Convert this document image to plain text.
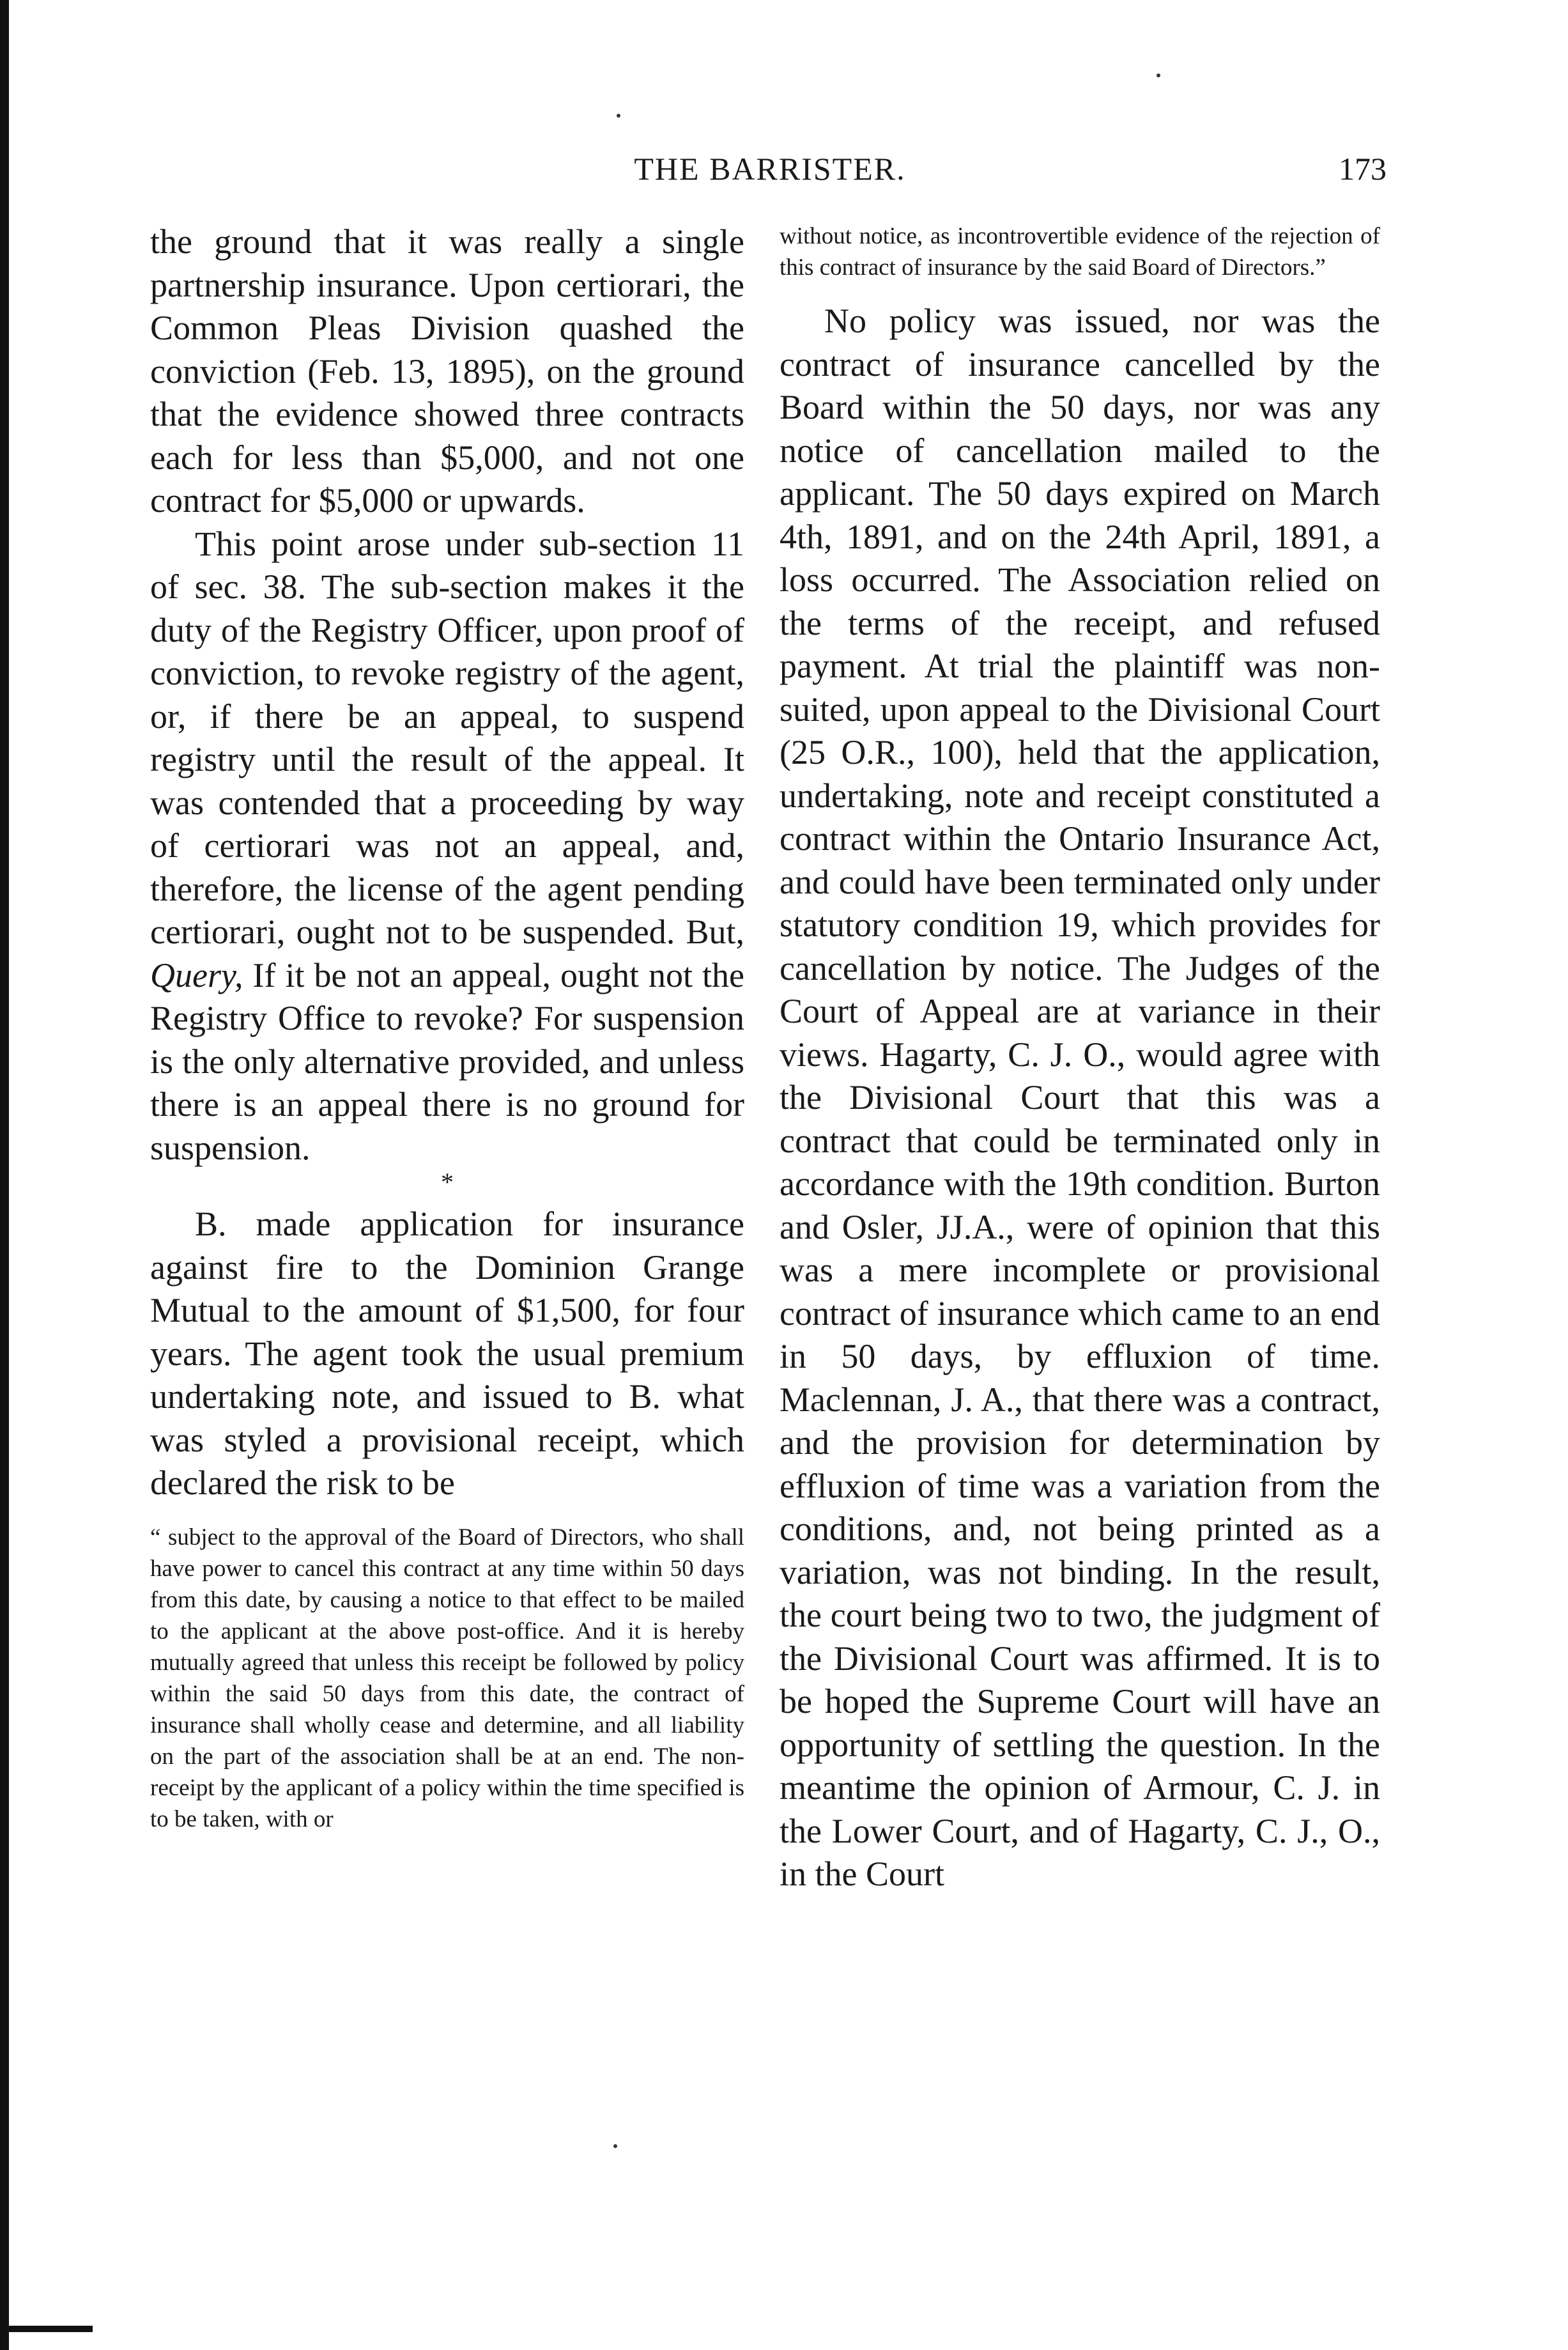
THE BARRISTER.	173

the ground that it was really a single partnership insurance. Upon certiorari, the Common Pleas Division quashed the conviction (Feb. 13, 1895), on the ground that the evidence showed three contracts each for less than $5,000, and not one contract for $5,000 or upwards.

This point arose under sub-section 11 of sec. 38. The sub-section makes it the duty of the Registry Officer, upon proof of conviction, to revoke registry of the agent, or, if there be an appeal, to suspend registry until the result of the appeal. It was contended that a proceeding by way of certiorari was not an appeal, and, therefore, the license of the agent pending certiorari, ought not to be suspended. But, Query, If it be not an appeal, ought not the Registry Office to revoke? For suspension is the only alternative provided, and unless there is an appeal there is no ground for suspension.

*

B. made application for insurance against fire to the Dominion Grange Mutual to the amount of $1,500, for four years. The agent took the usual premium undertaking note, and issued to B. what was styled a provisional receipt, which declared the risk to be

“ subject to the approval of the Board of Directors, who shall have power to cancel this contract at any time within 50 days from this date, by causing a notice to that effect to be mailed to the applicant at the above post-office. And it is hereby mutually agreed that unless this receipt be followed by policy within the said 50 days from this date, the contract of insurance shall wholly cease and determine, and all liability on the part of the association shall be at an end. The non-receipt by the applicant of a policy within the time specified is to be taken, with or

without notice, as incontrovertible evidence of the rejection of this contract of insurance by the said Board of Directors.”

No policy was issued, nor was the contract of insurance cancelled by the Board within the 50 days, nor was any notice of cancellation mailed to the applicant. The 50 days expired on March 4th, 1891, and on the 24th April, 1891, a loss occurred. The Association relied on the terms of the receipt, and refused payment. At trial the plaintiff was non-suited, upon appeal to the Divisional Court (25 O.R., 100), held that the application, undertaking, note and receipt constituted a contract within the Ontario Insurance Act, and could have been terminated only under statutory condition 19, which provides for cancellation by notice. The Judges of the Court of Appeal are at variance in their views. Hagarty, C. J. O., would agree with the Divisional Court that this was a contract that could be terminated only in accordance with the 19th condition. Burton and Osler, JJ.A., were of opinion that this was a mere incomplete or provisional contract of insurance which came to an end in 50 days, by effluxion of time. Maclennan, J. A., that there was a contract, and the provision for determination by effluxion of time was a variation from the conditions, and, not being printed as a variation, was not binding. In the result, the court being two to two, the judgment of the Divisional Court was affirmed. It is to be hoped the Supreme Court will have an opportunity of settling the question. In the meantime the opinion of Armour, C. J. in the Lower Court, and of Hagarty, C. J., O., in the Court
